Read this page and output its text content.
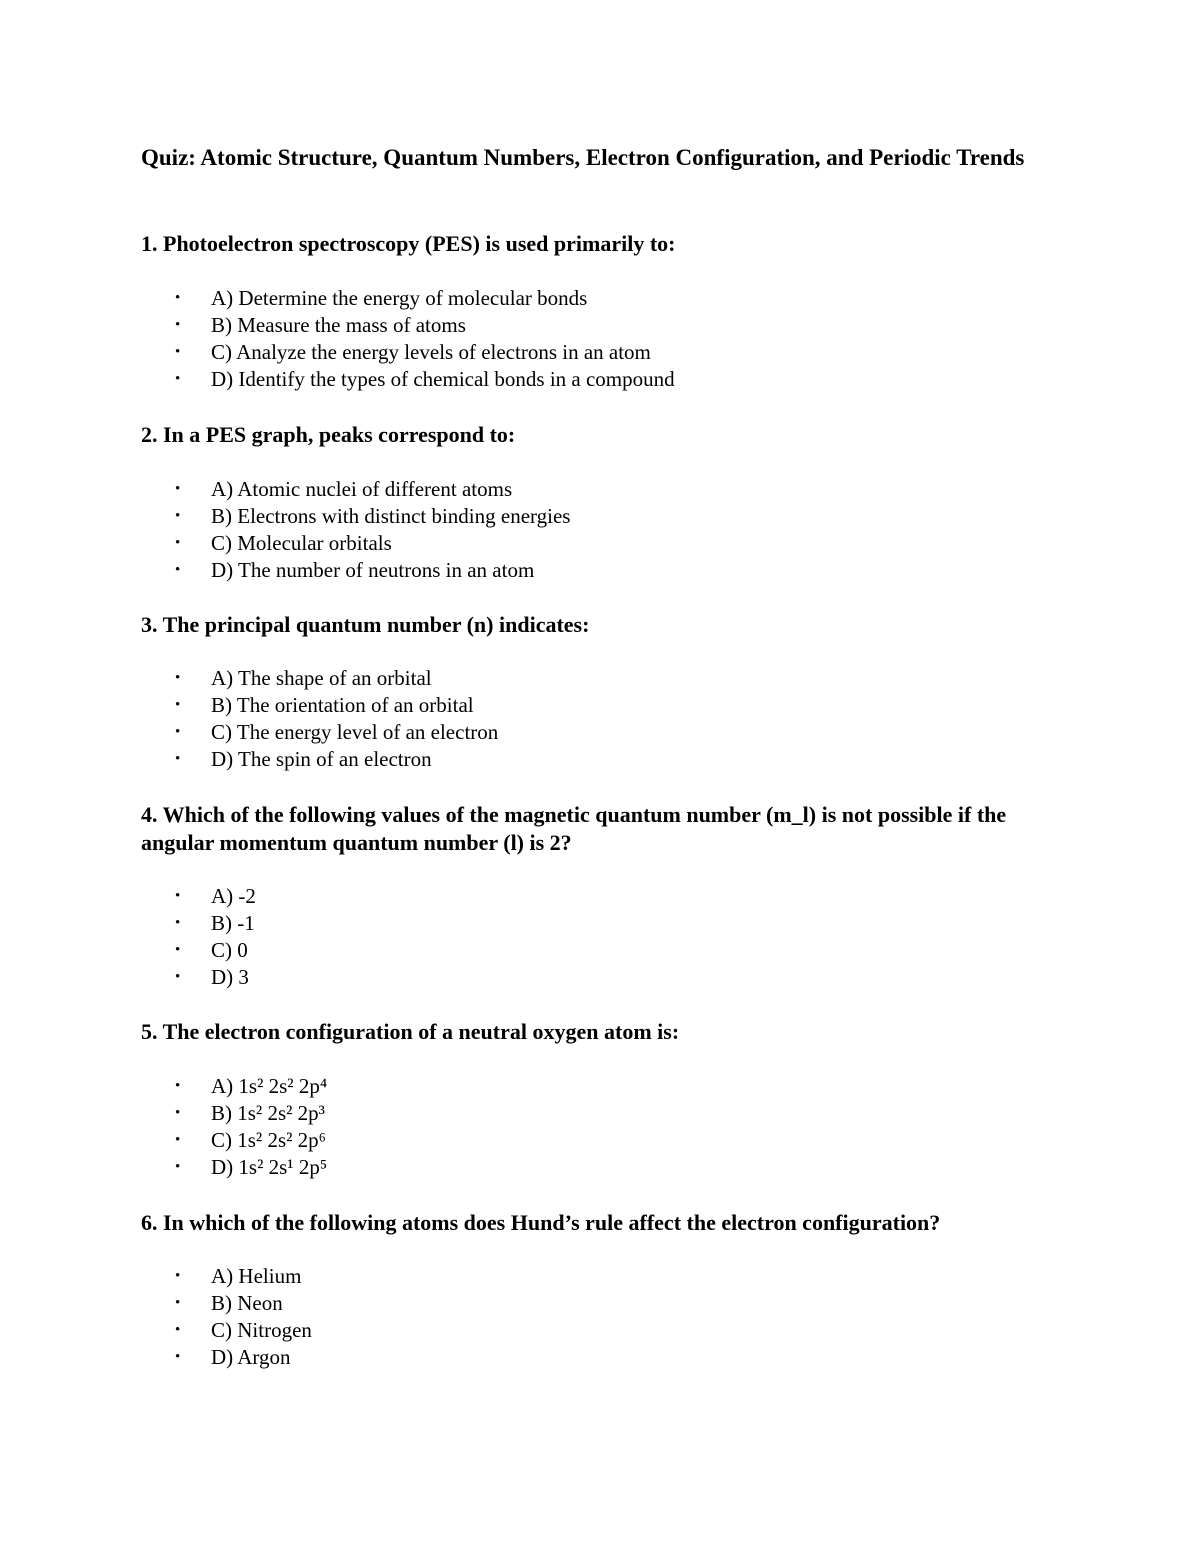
Quiz: Atomic Structure, Quantum Numbers, Electron Configuration, and Periodic Trends

1. Photoelectron spectroscopy (PES) is used primarily to:

• A) Determine the energy of molecular bonds
• B) Measure the mass of atoms
• C) Analyze the energy levels of electrons in an atom
• D) Identify the types of chemical bonds in a compound

2. In a PES graph, peaks correspond to:

• A) Atomic nuclei of different atoms
• B) Electrons with distinct binding energies
• C) Molecular orbitals
• D) The number of neutrons in an atom

3. The principal quantum number (n) indicates:

• A) The shape of an orbital
• B) The orientation of an orbital
• C) The energy level of an electron
• D) The spin of an electron

4. Which of the following values of the magnetic quantum number (m_l) is not possible if the angular momentum quantum number (l) is 2?

• A) -2
• B) -1
• C) 0
• D) 3

5. The electron configuration of a neutral oxygen atom is:

• A) 1s² 2s² 2p⁴
• B) 1s² 2s² 2p³
• C) 1s² 2s² 2p⁶
• D) 1s² 2s¹ 2p⁵

6. In which of the following atoms does Hund’s rule affect the electron configuration?

• A) Helium
• B) Neon
• C) Nitrogen
• D) Argon
